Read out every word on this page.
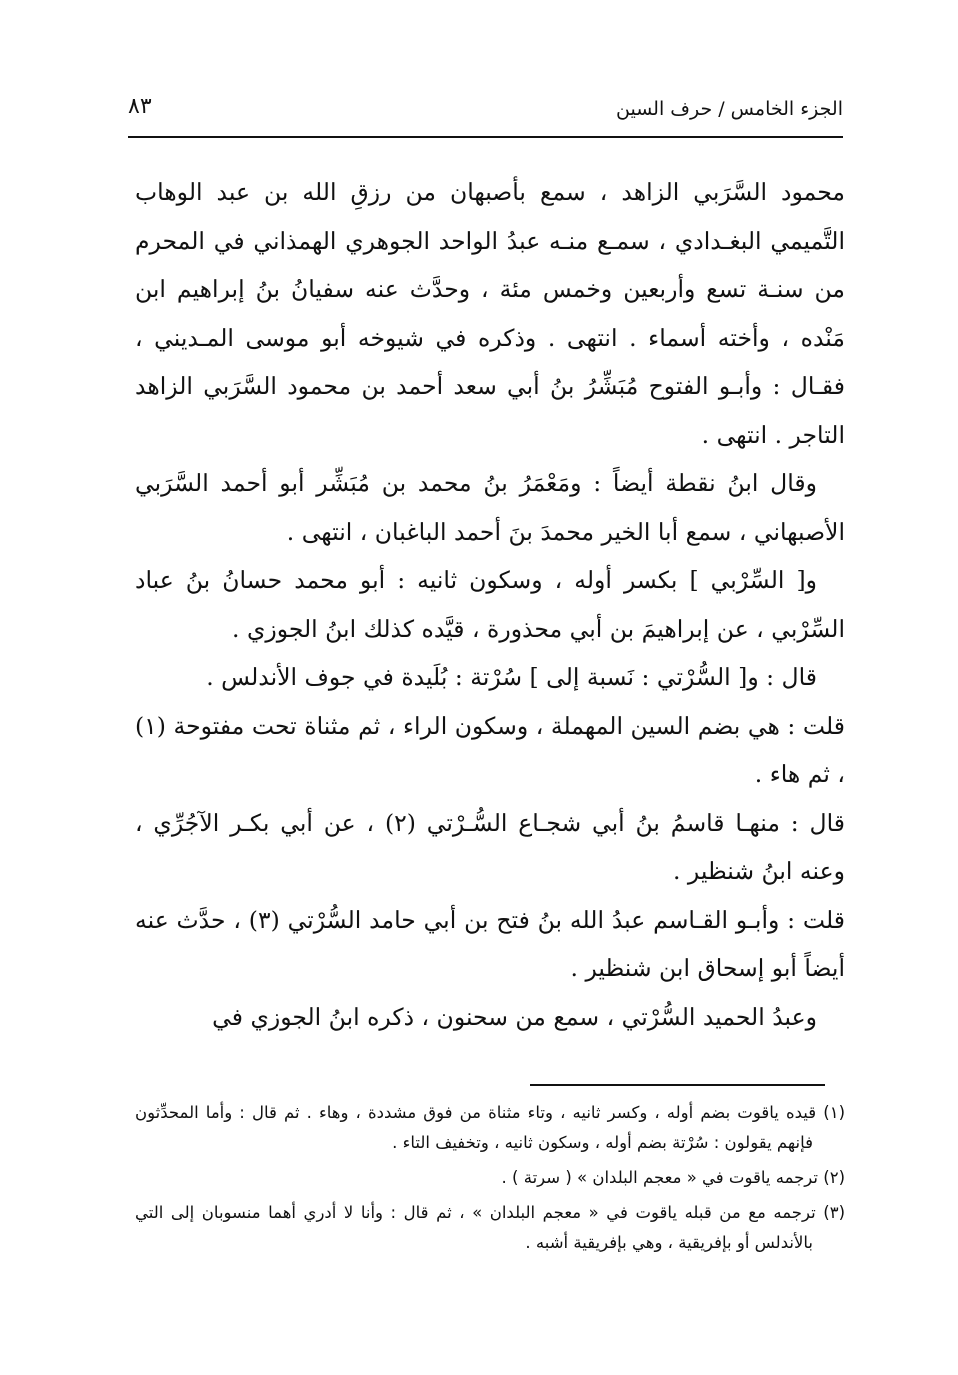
الجزء الخامس / حرف السين
٨٣

محمود السَّرَبي الزاهد ، سمع بأصبهان من رزقِ الله بن عبد الوهاب التَّميمي البغـدادي ، سمـع منـه عبدُ الواحد الجوهري الهمذاني في المحرم من سنـة تسع وأربعين وخمس مئة ، وحدَّث عنه سفيانُ بنُ إبراهيم ابن مَنْده ، وأخته أسماء . انتهى . وذكره في شيوخه أبو موسى المـديني ، فقـال : وأبـو الفتوح مُبَشِّرُ بنُ أبي سعد أحمد بن محمود السَّرَبي الزاهد التاجر . انتهى .

وقال ابنُ نقطة أيضاً : ومَعْمَرُ بنُ محمد بن مُبَشِّر أبو أحمد السَّرَبي الأصبهاني ، سمع أبا الخير محمدَ بنَ أحمد الباغبان ، انتهى .

و[ السِّرْبي ] بكسر أوله ، وسكون ثانيه : أبو محمد حسانُ بنُ عباد السِّرْبي ، عن إبراهيمَ بن أبي محذورة ، قيَّده كذلك ابنُ الجوزي .

قال : و[ السُّرْتي : نَسبة إلى ] سُرْتة : بُلَيدة في جوف الأندلس .

قلت : هي بضم السين المهملة ، وسكون الراء ، ثم مثناة تحت مفتوحة (١) ، ثم هاء .

قال : منهـا قاسمُ بنُ أبي شجـاع السُّـرْتي (٢) ، عن أبي بكـر الآجُرِّي ، وعنه ابنُ شنظير .

قلت : وأبـو القـاسم عبدُ الله بنُ فتح بن أبي حامد السُّرْتي (٣) ، حدَّث عنه أيضاً أبو إسحاق ابن شنظير .

وعبدُ الحميد السُّرْتي ، سمع من سحنون ، ذكره ابنُ الجوزي في

(١) قيده ياقوت بضم أوله ، وكسر ثانيه ، وتاء مثناة من فوق مشددة ، وهاء . ثم قال : وأما المحدِّثون فإنهم يقولون : سُرْتة بضم أوله ، وسكون ثانيه ، وتخفيف التاء .

(٢) ترجمه ياقوت في « معجم البلدان » ( سرتة ) .

(٣) ترجمه مع من قبله ياقوت في « معجم البلدان » ، ثم قال : وأنا لا أدري أهما منسوبان إلى التي بالأندلس أو بإفريقية ، وهي بإفريقية أشبه .
